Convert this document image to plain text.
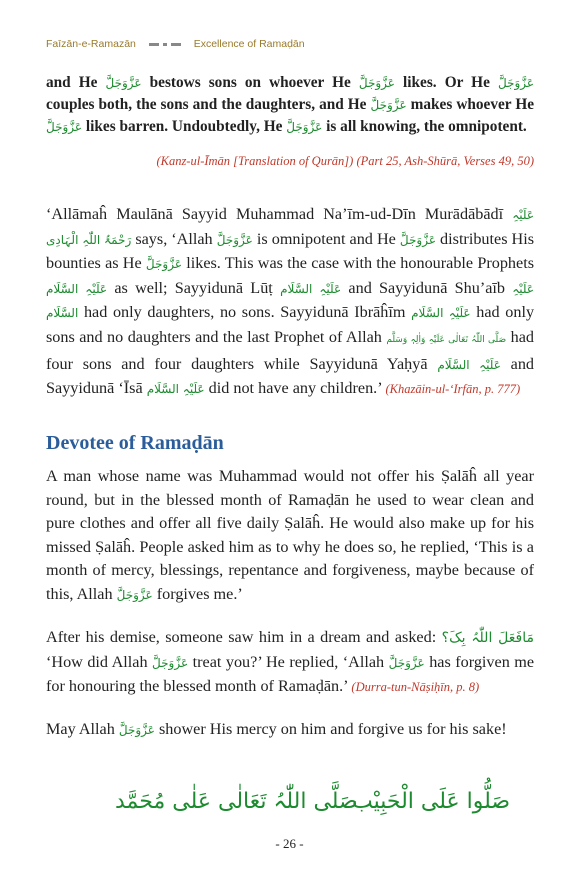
Faīzān-e-Ramazān	Excellence of Ramaḍān
and He عَزَّوَجَلَّ bestows sons on whoever He عَزَّوَجَلَّ likes. Or He عَزَّوَجَلَّ couples both, the sons and the daughters, and He عَزَّوَجَلَّ makes whoever He عَزَّوَجَلَّ likes barren. Undoubtedly, He عَزَّوَجَلَّ is all knowing, the omnipotent.
(Kanz-ul-Īmān [Translation of Qurān]) (Part 25, Ash-Shūrā, Verses 49, 50)
‘Allāmaĥ Maulānā Sayyid Muhammad Na’īm-ud-Dīn Murādābādī عَلَیْہِ رَحْمَۃُ اللّٰہِ الْہَادِی says, ‘Allah عَزَّوَجَلَّ is omnipotent and He عَزَّوَجَلَّ distributes His bounties as He عَزَّوَجَلَّ likes. This was the case with the honourable Prophets عَلَیْہِ السَّلَام as well; Sayyidunā Lūṭ عَلَیْہِ السَّلَام and Sayyidunā Shu’aīb عَلَیْہِ السَّلَام had only daughters, no sons. Sayyidunā Ibrāĥīm عَلَیْہِ السَّلَام had only sons and no daughters and the last Prophet of Allah صَلَّی اللّٰہُ تَعَالٰی عَلَیْہِ وَاٰلِہٖ وَسَلَّم had four sons and four daughters while Sayyidunā Yaḥyā عَلَیْہِ السَّلَام and Sayyidunā ‘Īsā عَلَیْہِ السَّلَام did not have any children.’ (Khazāin-ul-‘Irfān, p. 777)
Devotee of Ramaḍān
A man whose name was Muhammad would not offer his Ṣalāĥ all year round, but in the blessed month of Ramaḍān he used to wear clean and pure clothes and offer all five daily Ṣalāĥ. He would also make up for his missed Ṣalāĥ. People asked him as to why he does so, he replied, ‘This is a month of mercy, blessings, repentance and forgiveness, maybe because of this, Allah عَزَّوَجَلَّ forgives me.’
After his demise, someone saw him in a dream and asked: مَافَعَلَ اللّٰہُ بِکَ؟ ‘How did Allah عَزَّوَجَلَّ treat you?’ He replied, ‘Allah عَزَّوَجَلَّ has forgiven me for honouring the blessed month of Ramaḍān.’ (Durra-tun-Nāṣiḥīn, p. 8)
May Allah عَزَّوَجَلَّ shower His mercy on him and forgive us for his sake!
صَلَّی اللّٰہُ تَعَالٰی عَلٰی مُحَمَّد
صَلُّوا عَلَی الْحَبِیْب
- 26 -
